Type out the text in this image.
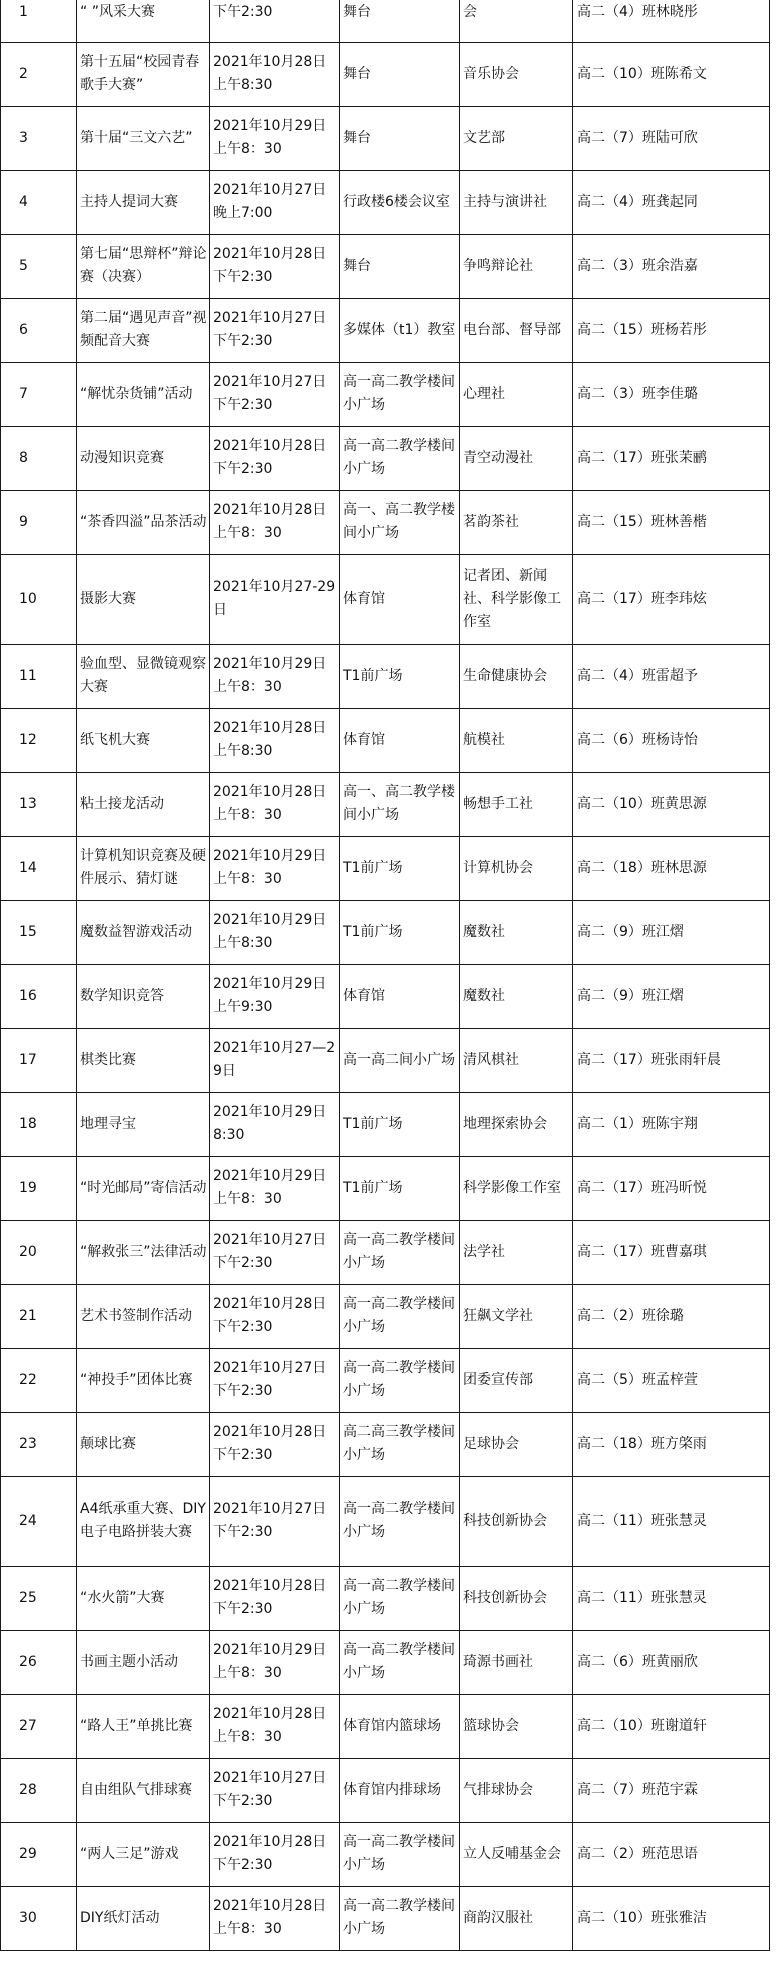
1	“ ”风采大赛	下午2:30	舞台	会	高二（4）班林晓彤
2	第十五届“校园青春歌手大赛”	2021年10月28日上午8:30	舞台	音乐协会	高二（10）班陈希文
3	第十届“三文六艺”	2021年10月29日上午8：30	舞台	文艺部	高二（7）班陆可欣
4	主持人提词大赛	2021年10月27日晚上7:00	行政楼6楼会议室	主持与演讲社	高二（4）班龚起同
5	第七届“思辩杯”辩论赛（决赛）	2021年10月28日下午2:30	舞台	争鸣辩论社	高二（3）班余浩嘉
6	第二届“遇见声音”视频配音大赛	2021年10月27日下午2:30	多媒体（t1）教室	电台部、督导部	高二（15）班杨若彤
7	“解忧杂货铺”活动	2021年10月27日下午2:30	高一高二教学楼间小广场	心理社	高二（3）班李佳璐
8	动漫知识竞赛	2021年10月28日下午2:30	高一高二教学楼间小广场	青空动漫社	高二（17）班张茉鹂
9	“茶香四溢”品茶活动	2021年10月28日上午8：30	高一、高二教学楼间小广场	茗韵茶社	高二（15）班林善楷
10	摄影大赛	2021年10月27-29日	体育馆	记者团、新闻社、科学影像工作室	高二（17）班李玮炫
11	验血型、显微镜观察大赛	2021年10月29日上午8：30	T1前广场	生命健康协会	高二（4）班雷超予
12	纸飞机大赛	2021年10月28日上午8:30	体育馆	航模社	高二（6）班杨诗怡
13	粘土接龙活动	2021年10月28日上午8：30	高一、高二教学楼间小广场	畅想手工社	高二（10）班黄思源
14	计算机知识竞赛及硬件展示、猜灯谜	2021年10月29日上午8：30	T1前广场	计算机协会	高二（18）班林思源
15	魔数益智游戏活动	2021年10月29日上午8:30	T1前广场	魔数社	高二（9）班江熠
16	数学知识竞答	2021年10月29日上午9:30	体育馆	魔数社	高二（9）班江熠
17	棋类比赛	2021年10月27—29日	高一高二间小广场	清风棋社	高二（17）班张雨轩晨
18	地理寻宝	2021年10月29日8:30	T1前广场	地理探索协会	高二（1）班陈宇翔
19	“时光邮局”寄信活动	2021年10月29日上午8：30	T1前广场	科学影像工作室	高二（17）班冯昕悦
20	“解救张三”法律活动	2021年10月27日下午2:30	高一高二教学楼间小广场	法学社	高二（17）班曹嘉琪
21	艺术书签制作活动	2021年10月28日下午2:30	高一高二教学楼间小广场	狂飙文学社	高二（2）班徐璐
22	“神投手”团体比赛	2021年10月27日下午2:30	高一高二教学楼间小广场	团委宣传部	高二（5）班孟梓萱
23	颠球比赛	2021年10月28日下午2:30	高二高三教学楼间小广场	足球协会	高二（18）班方棨雨
24	A4纸承重大赛、DIY电子电路拼装大赛	2021年10月27日下午2:30	高一高二教学楼间小广场	科技创新协会	高二（11）班张慧灵
25	“水火箭”大赛	2021年10月28日下午2:30	高一高二教学楼间小广场	科技创新协会	高二（11）班张慧灵
26	书画主题小活动	2021年10月29日上午8：30	高一高二教学楼间小广场	琦源书画社	高二（6）班黄丽欣
27	“路人王”单挑比赛	2021年10月28日上午8：30	体育馆内篮球场	篮球协会	高二（10）班谢道轩
28	自由组队气排球赛	2021年10月27日下午2:30	体育馆内排球场	气排球协会	高二（7）班范宇霖
29	“两人三足”游戏	2021年10月28日下午2:30	高一高二教学楼间小广场	立人反哺基金会	高二（2）班范思语
30	DIY纸灯活动	2021年10月28日上午8：30	高一高二教学楼间小广场	商韵汉服社	高二（10）班张雅洁
